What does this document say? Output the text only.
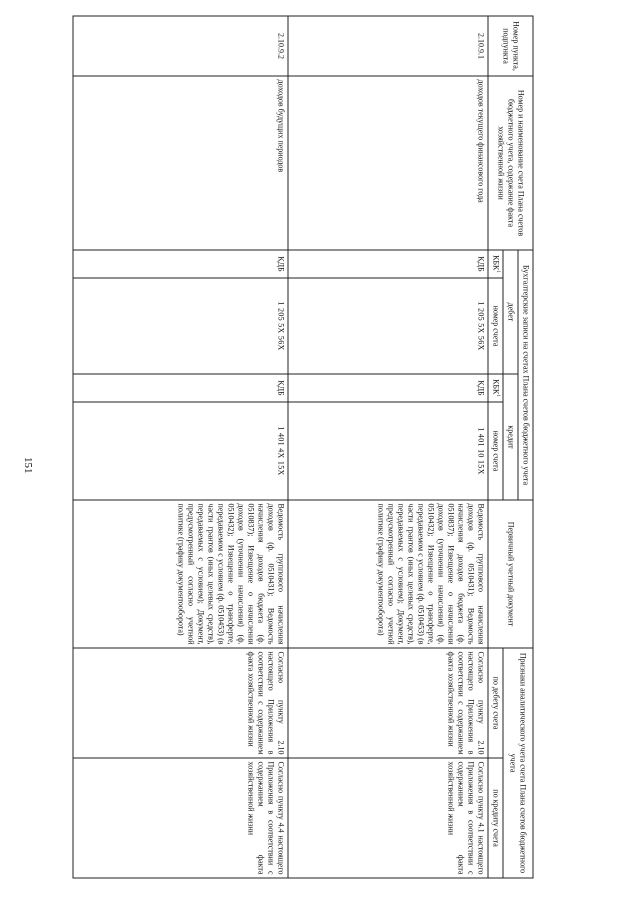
151
Номер пункта, подпункта	Номер и наименование счета Плана счетов бюджетного учета, содержание факта хозяйственной жизни	Бухгалтерские записи на счетах Плана счетов бюджетного учета				Первичный учетный документ	Признаки аналитического учета счета Плана счетов бюджетного учета	
		дебет		кредит				
		КБК$^1$	номер счета	КБК$^1$	номер счета		по дебету счета	по кредиту счета
2.10.9.1	доходов текущего финансового года	КДБ	1 205 5Х 56Х	КДБ	1 401 10 15Х	Ведомость группового начисления доходов (ф. 0510431); Ведомость начисления доходов бюджета (ф. 0510837); Извещение о начислении доходов (уточнении начисления) (ф. 0510432); Извещение о трансферте, передаваемом с условием (ф. 0510453) (в части грантов (иных целевых средств), передаваемых с условием); Документ, предусмотренный согласно учетной политике (графику документооборота)	Согласно пункту 2.10 настоящего Приложения в соответствии с содержанием факта хозяйственной жизни	Согласно пункту 4.1 настоящего Приложения в соответствии с содержанием факта хозяйственной жизни
2.10.9.2	доходов будущих периодов	КДБ	1 205 5Х 56Х	КДБ	1 401 4Х 15Х	Ведомость группового начисления доходов (ф. 0510431); Ведомость начисления доходов бюджета (ф. 0510837); Извещение о начислении доходов (уточнении начисления) (ф. 0510432); Извещение о трансферте, передаваемом с условием (ф. 0510453) (в части грантов (иных целевых средств), передаваемых с условием); Документ, предусмотренный согласно учетной политике (графику документооборота)	Согласно пункту 2.10 настоящего Приложения в соответствии с содержанием факта хозяйственной жизни	Согласно пункту 4.4 настоящего Приложения в соответствии с содержанием факта хозяйственной жизни
